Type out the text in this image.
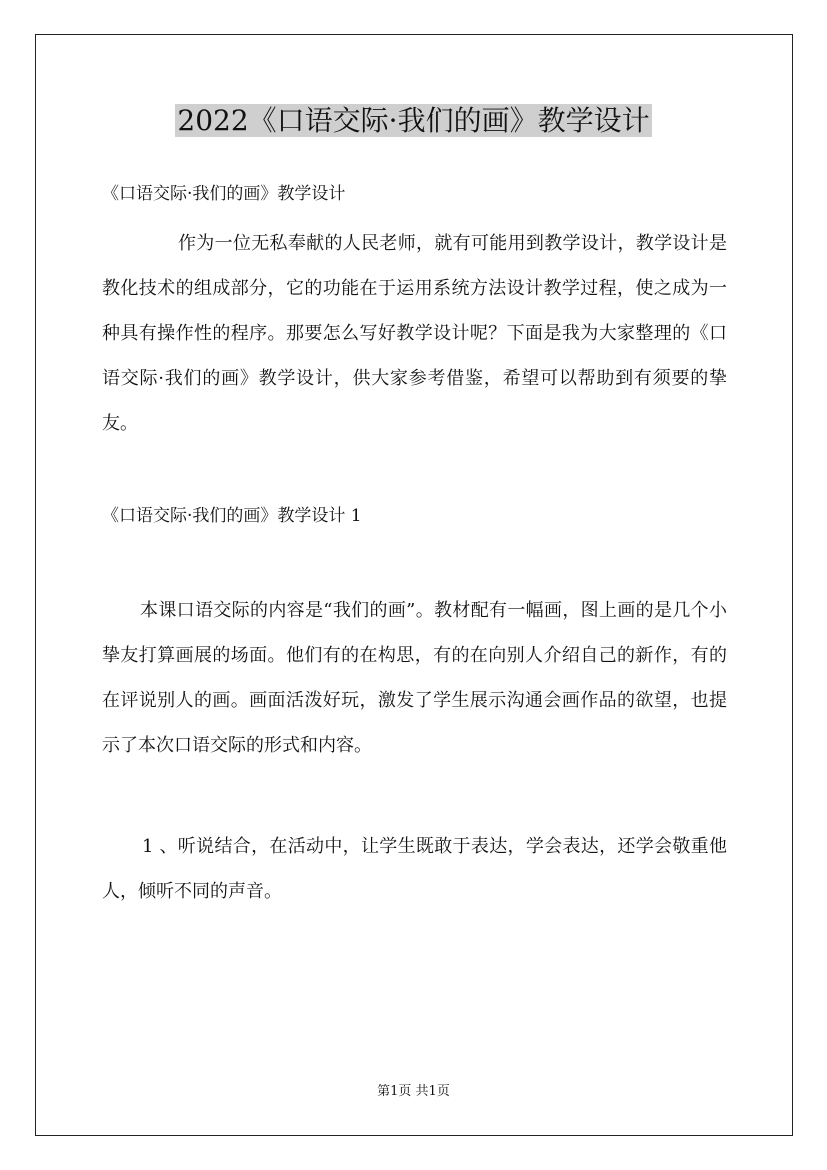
2022《口语交际·我们的画》教学设计

《口语交际·我们的画》教学设计

作为一位无私奉献的人民老师，就有可能用到教学设计，教学设计是教化技术的组成部分，它的功能在于运用系统方法设计教学过程，使之成为一种具有操作性的程序。那要怎么写好教学设计呢？下面是我为大家整理的《口语交际·我们的画》教学设计，供大家参考借鉴，希望可以帮助到有须要的挚友。

《口语交际·我们的画》教学设计 1

本课口语交际的内容是“我们的画”。教材配有一幅画，图上画的是几个小挚友打算画展的场面。他们有的在构思，有的在向别人介绍自己的新作，有的在评说别人的画。画面活泼好玩，激发了学生展示沟通会画作品的欲望，也提示了本次口语交际的形式和内容。

1 、听说结合，在活动中，让学生既敢于表达，学会表达，还学会敬重他人，倾听不同的声音。

第1页 共1页
